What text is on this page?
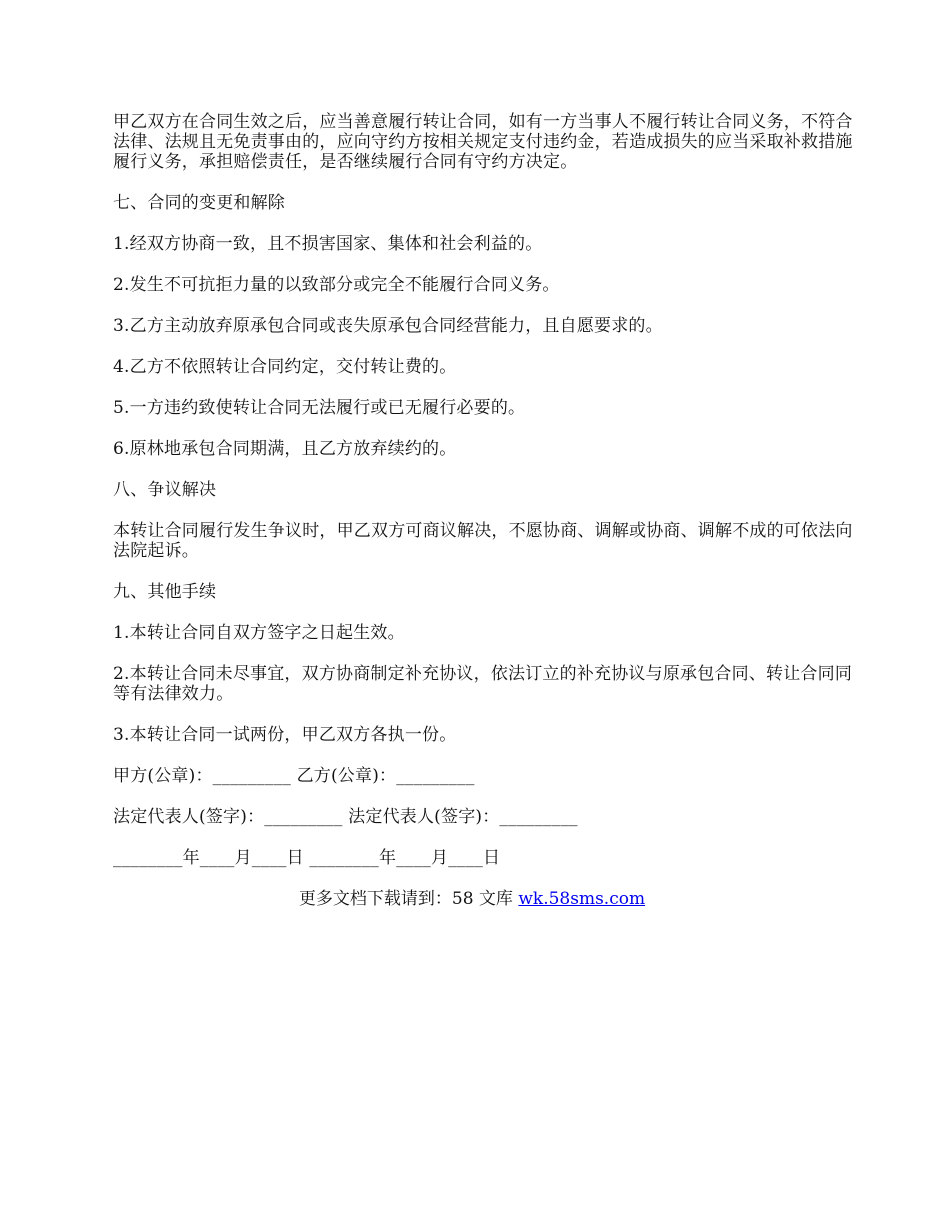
甲乙双方在合同生效之后，应当善意履行转让合同，如有一方当事人不履行转让合同义务，不符合法律、法规且无免责事由的，应向守约方按相关规定支付违约金，若造成损失的应当采取补救措施履行义务，承担赔偿责任，是否继续履行合同有守约方决定。

七、合同的变更和解除

1.经双方协商一致，且不损害国家、集体和社会利益的。

2.发生不可抗拒力量的以致部分或完全不能履行合同义务。

3.乙方主动放弃原承包合同或丧失原承包合同经营能力，且自愿要求的。

4.乙方不依照转让合同约定，交付转让费的。

5.一方违约致使转让合同无法履行或已无履行必要的。

6.原林地承包合同期满，且乙方放弃续约的。

八、争议解决

本转让合同履行发生争议时，甲乙双方可商议解决，不愿协商、调解或协商、调解不成的可依法向法院起诉。

九、其他手续

1.本转让合同自双方签字之日起生效。

2.本转让合同未尽事宜，双方协商制定补充协议，依法订立的补充协议与原承包合同、转让合同同等有法律效力。

3.本转让合同一试两份，甲乙双方各执一份。

甲方(公章)：_________ 乙方(公章)：_________

法定代表人(签字)：_________ 法定代表人(签字)：_________

________年____月____日 ________年____月____日

更多文档下载请到：58 文库 wk.58sms.com
